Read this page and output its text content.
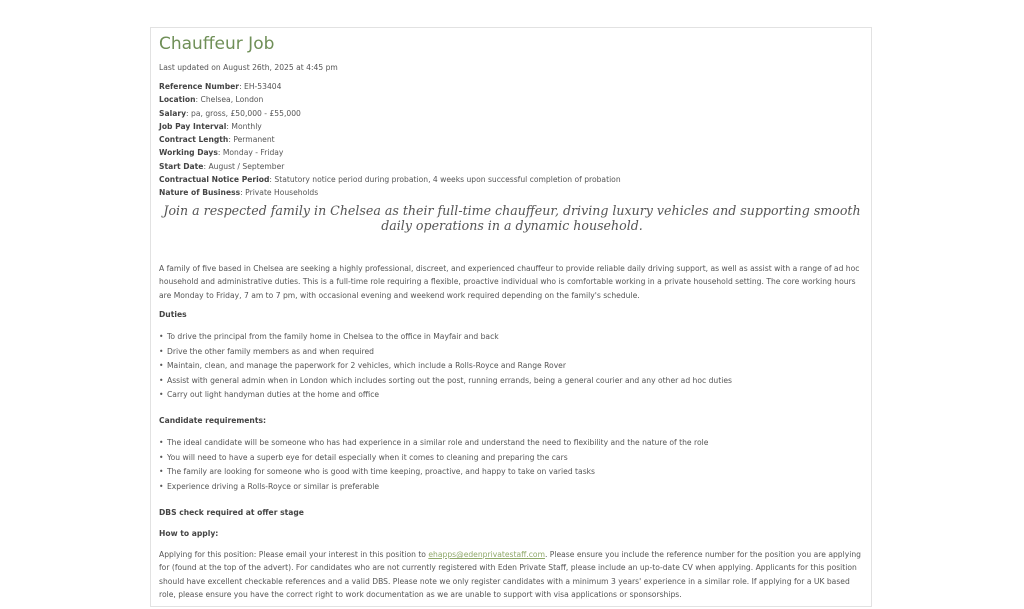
Chauffeur Job
Last updated on August 26th, 2025 at 4:45 pm
Reference Number: EH-53404
Location: Chelsea, London
Salary: pa, gross, £50,000 - £55,000
Job Pay Interval: Monthly
Contract Length: Permanent
Working Days: Monday - Friday
Start Date: August / September
Contractual Notice Period: Statutory notice period during probation, 4 weeks upon successful completion of probation
Nature of Business: Private Households
Join a respected family in Chelsea as their full-time chauffeur, driving luxury vehicles and supporting smooth daily operations in a dynamic household.
A family of five based in Chelsea are seeking a highly professional, discreet, and experienced chauffeur to provide reliable daily driving support, as well as assist with a range of ad hoc household and administrative duties. This is a full-time role requiring a flexible, proactive individual who is comfortable working in a private household setting. The core working hours are Monday to Friday, 7 am to 7 pm, with occasional evening and weekend work required depending on the family's schedule.
Duties
• To drive the principal from the family home in Chelsea to the office in Mayfair and back
• Drive the other family members as and when required
• Maintain, clean, and manage the paperwork for 2 vehicles, which include a Rolls-Royce and Range Rover
• Assist with general admin when in London which includes sorting out the post, running errands, being a general courier and any other ad hoc duties
• Carry out light handyman duties at the home and office
Candidate requirements:
• The ideal candidate will be someone who has had experience in a similar role and understand the need to flexibility and the nature of the role
• You will need to have a superb eye for detail especially when it comes to cleaning and preparing the cars
• The family are looking for someone who is good with time keeping, proactive, and happy to take on varied tasks
• Experience driving a Rolls-Royce or similar is preferable
DBS check required at offer stage
How to apply:
Applying for this position: Please email your interest in this position to ehapps@edenprivatestaff.com. Please ensure you include the reference number for the position you are applying for (found at the top of the advert). For candidates who are not currently registered with Eden Private Staff, please include an up-to-date CV when applying. Applicants for this position should have excellent checkable references and a valid DBS. Please note we only register candidates with a minimum 3 years' experience in a similar role. If applying for a UK based role, please ensure you have the correct right to work documentation as we are unable to support with visa applications or sponsorships.
